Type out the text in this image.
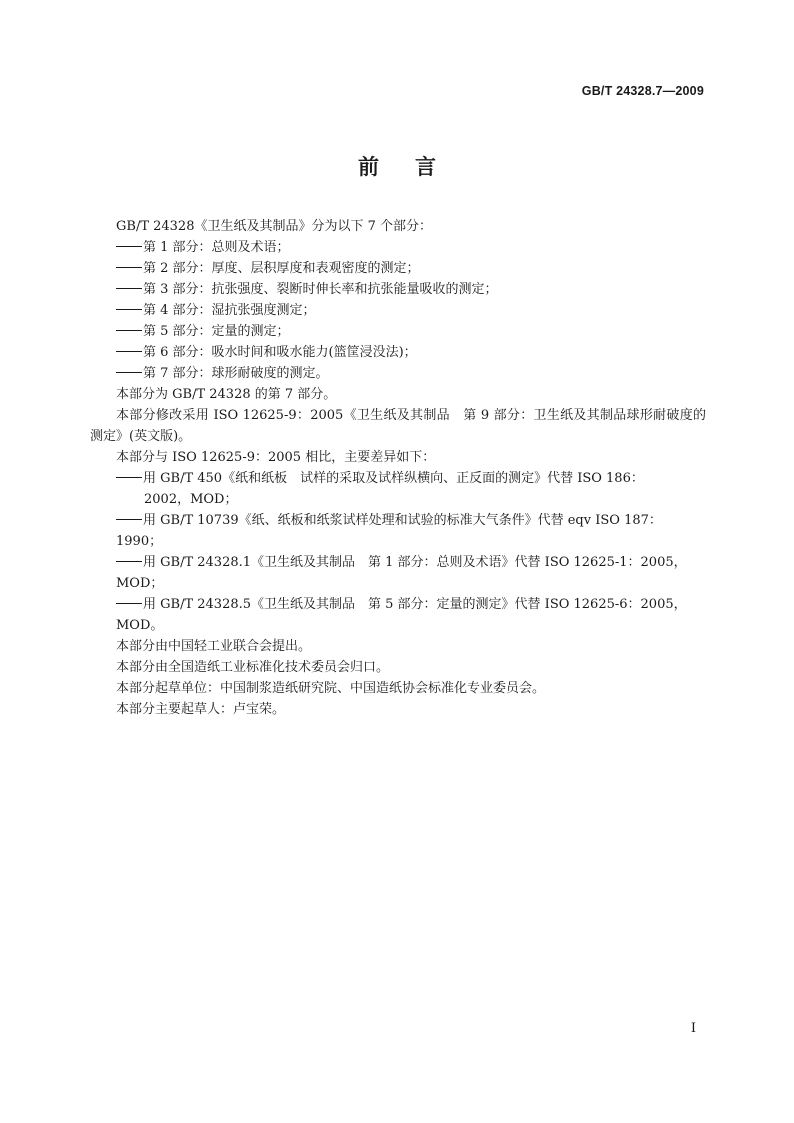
GB/T 24328.7—2009
前言

GB/T 24328《卫生纸及其制品》分为以下 7 个部分：

第 1 部分：总则及术语；

第 2 部分：厚度、层积厚度和表观密度的测定；

第 3 部分：抗张强度、裂断时伸长率和抗张能量吸收的测定；

第 4 部分：湿抗张强度测定；

第 5 部分：定量的测定；

第 6 部分：吸水时间和吸水能力(篮筐浸没法)；

第 7 部分：球形耐破度的测定。

本部分为 GB/T 24328 的第 7 部分。

本部分修改采用 ISO 12625-9：2005《卫生纸及其制品　第 9 部分：卫生纸及其制品球形耐破度的测定》(英文版)。

本部分与 ISO 12625-9：2005 相比，主要差异如下：

用 GB/T 450《纸和纸板　试样的采取及试样纵横向、正反面的测定》代替 ISO 186：
2002，MOD；

用 GB/T 10739《纸、纸板和纸浆试样处理和试验的标准大气条件》代替 eqv ISO 187：1990；

用 GB/T 24328.1《卫生纸及其制品　第 1 部分：总则及术语》代替 ISO 12625-1：2005，MOD；

用 GB/T 24328.5《卫生纸及其制品　第 5 部分：定量的测定》代替 ISO 12625-6：2005，MOD。

本部分由中国轻工业联合会提出。

本部分由全国造纸工业标准化技术委员会归口。

本部分起草单位：中国制浆造纸研究院、中国造纸协会标准化专业委员会。

本部分主要起草人：卢宝荣。

I
